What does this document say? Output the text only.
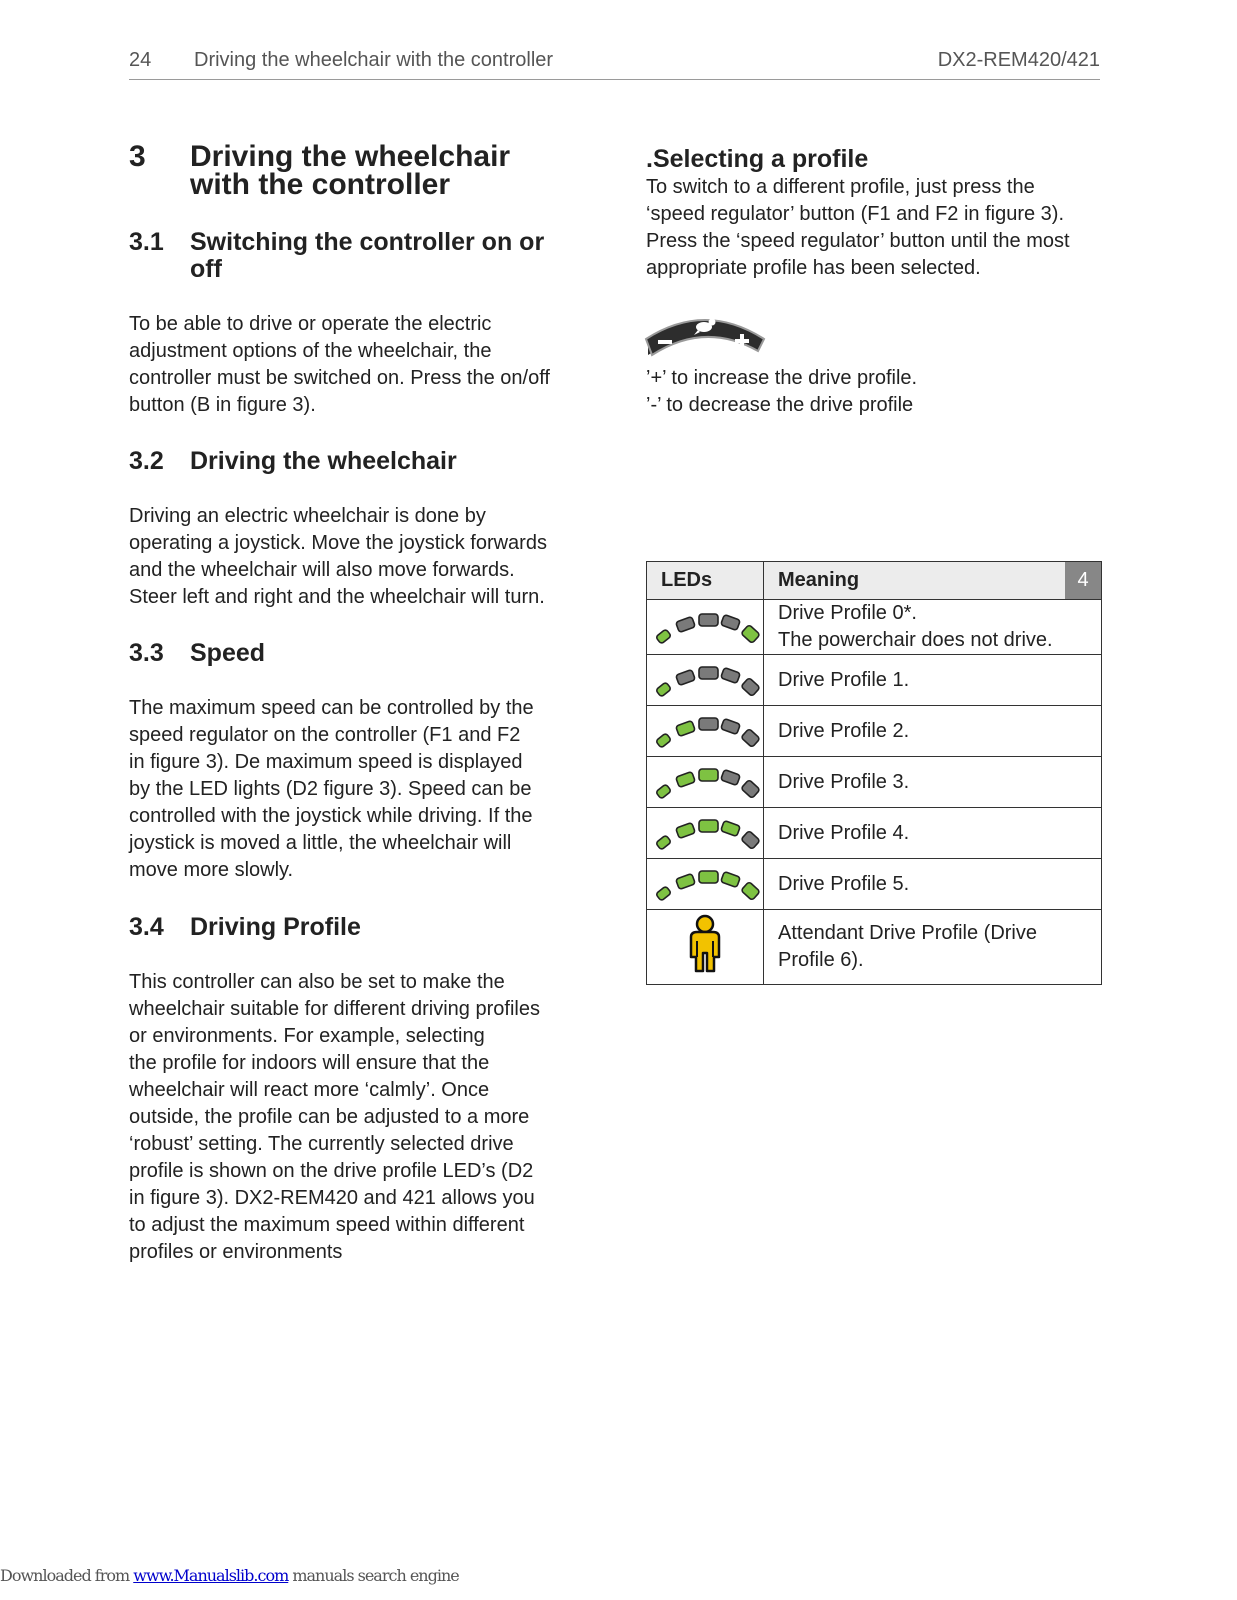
24 Driving the wheelchair with the controller	DX2-REM420/421
3 Driving the wheelchair
with the controller
3.1 Switching the controller on or
off

To be able to drive or operate the electric

adjustment options of the wheelchair, the

controller must be switched on. Press the on/off

button (B in figure 3).

3.2 Driving the wheelchair

Driving an electric wheelchair is done by

operating a joystick. Move the joystick forwards

and the wheelchair will also move forwards.

Steer left and right and the wheelchair will turn.

3.3 Speed

The maximum speed can be controlled by the

speed regulator on the controller (F1 and F2

in figure 3). De maximum speed is displayed

by the LED lights (D2 figure 3). Speed can be

controlled with the joystick while driving. If the

joystick is moved a little, the wheelchair will

move more slowly.

3.4 Driving Profile

This controller can also be set to make the

wheelchair suitable for different driving profiles

or environments. For example, selecting

the profile for indoors will ensure that the

wheelchair will react more ‘calmly’. Once

outside, the profile can be adjusted to a more

‘robust’ setting. The currently selected drive

profile is shown on the drive profile LED’s (D2

in figure 3). DX2-REM420 and 421 allows you

to adjust the maximum speed within different

profiles or environments

.Selecting a profile

To switch to a different profile, just press the

‘speed regulator’ button (F1 and F2 in figure 3).

Press the ‘speed regulator’ button until the most

appropriate profile has been selected.

’+’ to increase the drive profile.
’-’ to decrease the drive profile
LEDs	Meaning 4

Drive Profile 0*.
The powerchair does not drive.

Drive Profile 1.

Drive Profile 2.

Drive Profile 3.

Drive Profile 4.

Drive Profile 5.

Attendant Drive Profile (Drive
Profile 6).
Downloaded from www.Manualslib.com manuals search engine
